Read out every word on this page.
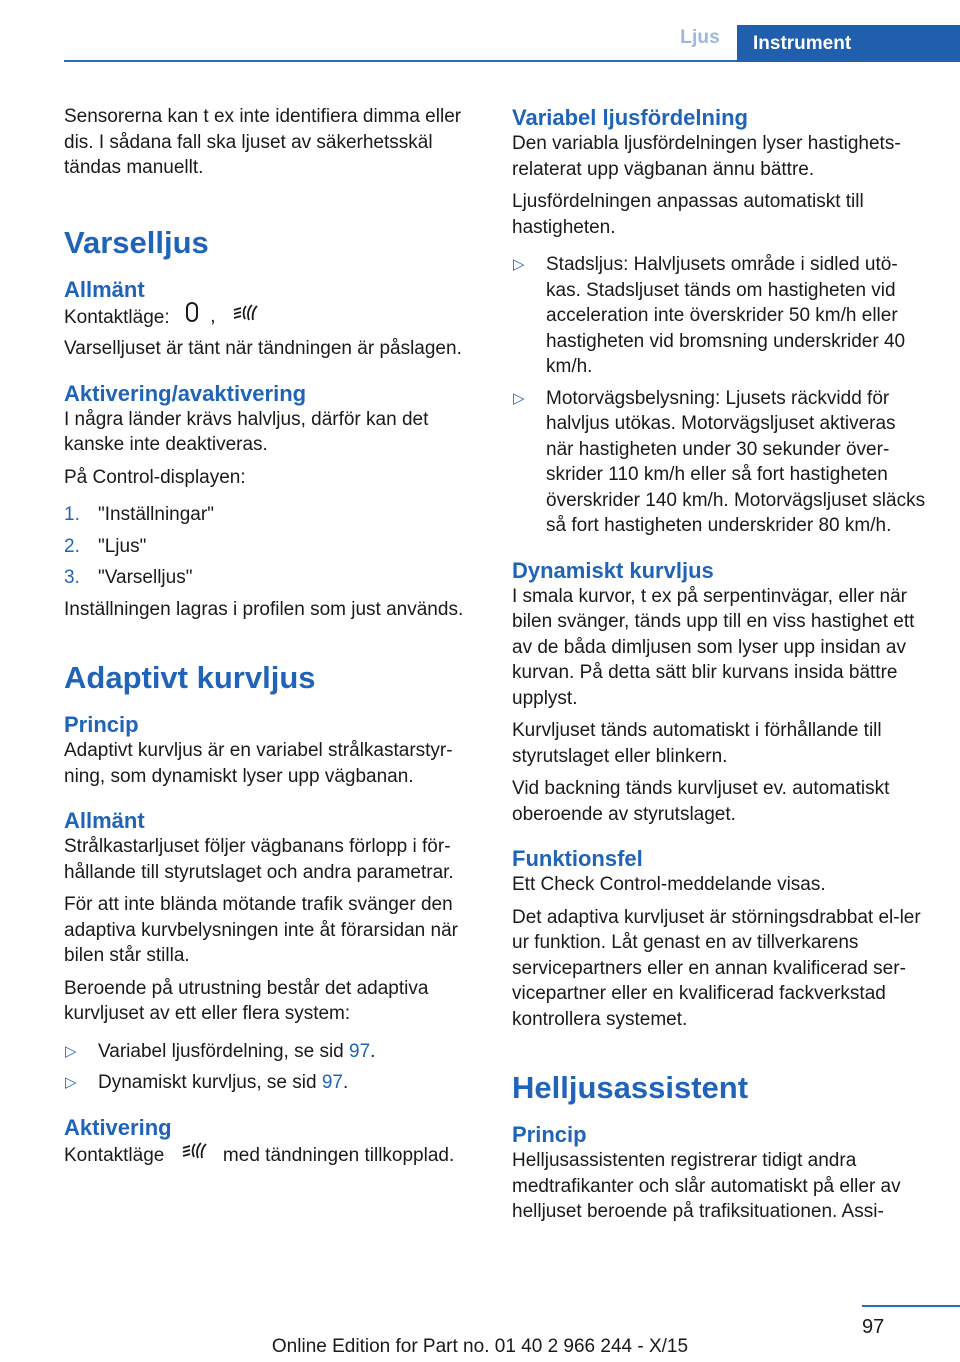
Ljus	Instrument

Sensorerna kan t ex inte identifiera dimma eller dis. I sådana fall ska ljuset av säkerhetsskäl tändas manuellt.

Varselljus
Allmänt

Kontaktläge: ,

Varselljuset är tänt när tändningen är påslagen.

Aktivering/avaktivering

I några länder krävs halvljus, därför kan det kanske inte deaktiveras.

På Control-displayen:

1. "Inställningar"
2. "Ljus"
3. "Varselljus"

Inställningen lagras i profilen som just används.

Adaptivt kurvljus
Princip

Adaptivt kurvljus är en variabel strålkastarstyr-ning, som dynamiskt lyser upp vägbanan.

Allmänt

Strålkastarljuset följer vägbanans förlopp i för-hållande till styrutslaget och andra parametrar.

För att inte blända mötande trafik svänger den adaptiva kurvbelysningen inte åt förarsidan när bilen står stilla.

Beroende på utrustning består det adaptiva kurvljuset av ett eller flera system:

▷ Variabel ljusfördelning, se sid 97.
▷ Dynamiskt kurvljus, se sid 97.
Aktivering

Kontaktläge	med tändningen tillkopplad.

Variabel ljusfördelning

Den variabla ljusfördelningen lyser hastighets-relaterat upp vägbanan ännu bättre.

Ljusfördelningen anpassas automatiskt till hastigheten.

▷ Stadsljus: Halvljusets område i sidled utö-kas. Stadsljuset tänds om hastigheten vid acceleration inte överskrider 50 km/h eller hastigheten vid bromsning underskrider 40 km/h.
▷ Motorvägsbelysning: Ljusets räckvidd för halvljus utökas. Motorvägsljuset aktiveras när hastigheten under 30 sekunder över-skrider 110 km/h eller så fort hastigheten överskrider 140 km/h. Motorvägsljuset släcks så fort hastigheten underskrider 80 km/h.
Dynamiskt kurvljus

I smala kurvor, t ex på serpentinvägar, eller när bilen svänger, tänds upp till en viss hastighet ett av de båda dimljusen som lyser upp insidan av kurvan. På detta sätt blir kurvans insida bättre upplyst.

Kurvljuset tänds automatiskt i förhållande till styrutslaget eller blinkern.

Vid backning tänds kurvljuset ev. automatiskt oberoende av styrutslaget.

Funktionsfel

Ett Check Control-meddelande visas.

Det adaptiva kurvljuset är störningsdrabbat el-ler ur funktion. Låt genast en av tillverkarens servicepartners eller en annan kvalificerad ser-vicepartner eller en kvalificerad fackverkstad kontrollera systemet.

Helljusassistent
Princip

Helljusassistenten registrerar tidigt andra medtrafikanter och slår automatiskt på eller av helljuset beroende på trafiksituationen. Assi-

97
Online Edition for Part no. 01 40 2 966 244 - X/15
